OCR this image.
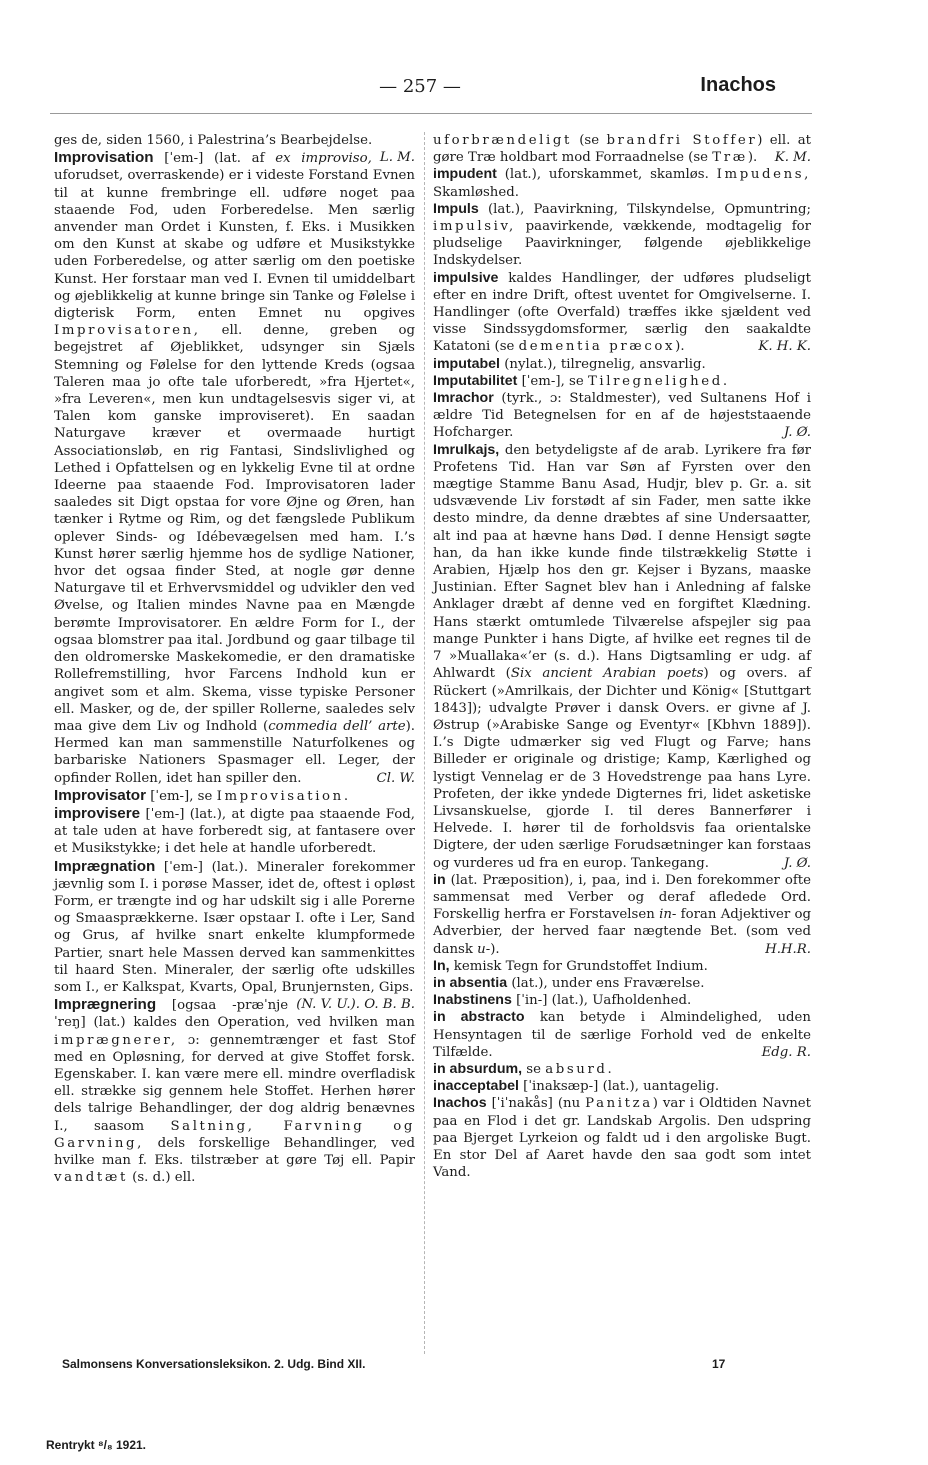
— 257 —	Inachos

ges de, siden 1560, i Palestrina’s Bearbejdelse.
L. M.

Improvisation [ˈem-] (lat. af ex improviso, uforudset, overraskende) er i videste Forstand Evnen til at kunne frembringe ell. udføre noget paa staaende Fod, uden Forberedelse. Men særlig anvender man Ordet i Kunsten, f. Eks. i Musikken om den Kunst at skabe og udføre et Musikstykke uden Forberedelse, og atter særlig om den poetiske Kunst. Her forstaar man ved I. Evnen til umiddelbart og øjeblikkelig at kunne bringe sin Tanke og Følelse i digterisk Form, enten Emnet nu opgives Improvisatoren, ell. denne, greben og begejstret af Øjeblikket, udsynger sin Sjæls Stemning og Følelse for den lyttende Kreds (ogsaa Taleren maa jo ofte tale uforberedt, »fra Hjertet«, »fra Leveren«, men kun undtagelsesvis siger vi, at Talen kom ganske improviseret). En saadan Naturgave kræver et overmaade hurtigt Associationsløb, en rig Fantasi, Sindslivlighed og Lethed i Opfattelsen og en lykkelig Evne til at ordne Ideerne paa staaende Fod. Improvisatoren lader saaledes sit Digt opstaa for vore Øjne og Øren, han tænker i Rytme og Rim, og det fængslede Publikum oplever Sinds- og Idébevægelsen med ham. I.’s Kunst hører særlig hjemme hos de sydlige Nationer, hvor det ogsaa finder Sted, at nogle gør denne Naturgave til et Erhvervsmiddel og udvikler den ved Øvelse, og Italien mindes Navne paa en Mængde berømte Improvisatorer. En ældre Form for I., der ogsaa blomstrer paa ital. Jordbund og gaar tilbage til den oldromerske Maskekomedie, er den dramatiske Rollefremstilling, hvor Farcens Indhold kun er angivet som et alm. Skema, visse typiske Personer ell. Masker, og de, der spiller Rollerne, saaledes selv maa give dem Liv og Indhold (commedia dell’ arte). Hermed kan man sammenstille Naturfolkenes og barbariske Nationers Spasmager ell. Leger, der opfinder Rollen, idet han spiller den.	Cl. W.

Improvisator [ˈem-], se Improvisation.

improvisere [ˈem-] (lat.), at digte paa staaende Fod, at tale uden at have forberedt sig, at fantasere over et Musikstykke; i det hele at handle uforberedt.

Imprægnation [ˈem-] (lat.). Mineraler forekommer jævnlig som I. i porøse Masser, idet de, oftest i opløst Form, er trængte ind og har udskilt sig i alle Porerne og Smaasprækkerne. Især opstaar I. ofte i Ler, Sand og Grus, af hvilke snart enkelte klumpformede Partier, snart hele Massen derved kan sammenkittes til haard Sten. Mineraler, der særlig ofte udskilles som I., er Kalkspat, Kvarts, Opal, Brunjernsten, Gips.
(N. V. U.). O. B. B.

Imprægnering [ogsaa -præˈnjeˈreŋ] (lat.) kaldes den Operation, ved hvilken man imprægnerer, ɔ: gennemtrænger et fast Stof med en Opløsning, for derved at give Stoffet forsk. Egenskaber. I. kan være mere ell. mindre overfladisk ell. strække sig gennem hele Stoffet. Herhen hører dels talrige Behandlinger, der dog aldrig benævnes I., saasom Saltning, Farvning og Garvning, dels forskellige Behandlinger, ved hvilke man f. Eks. tilstræber at gøre Tøj ell. Papir vandtæt (s. d.) ell.

uforbrændeligt (se brandfri Stoffer) ell. at gøre Træ holdbart mod Forraadnelse (se Træ).	K. M.

impudent (lat.), uforskammet, skamløs. Impudens, Skamløshed.

Impuls (lat.), Paavirkning, Tilskyndelse, Opmuntring; impulsiv, paavirkende, vækkende, modtagelig for pludselige Paavirkninger, følgende øjeblikkelige Indskydelser.

impulsive kaldes Handlinger, der udføres pludseligt efter en indre Drift, oftest uventet for Omgivelserne. I. Handlinger (ofte Overfald) træffes ikke sjældent ved visse Sindssygdomsformer, særlig den saakaldte Katatoni (se dementia præcox).	K. H. K.

imputabel (nylat.), tilregnelig, ansvarlig.

Imputabilitet [ˈem-], se Tilregnelighed.

Imrachor (tyrk., ɔ: Staldmester), ved Sultanens Hof i ældre Tid Betegnelsen for en af de højeststaaende Hofcharger.	J. Ø.

Imrulkajs, den betydeligste af de arab. Lyrikere fra før Profetens Tid. Han var Søn af Fyrsten over den mægtige Stamme Banu Asad, Hudjr, blev p. Gr. a. sit udsvævende Liv forstødt af sin Fader, men satte ikke desto mindre, da denne dræbtes af sine Undersaatter, alt ind paa at hævne hans Død. I denne Hensigt søgte han, da han ikke kunde finde tilstrækkelig Støtte i Arabien, Hjælp hos den gr. Kejser i Byzans, maaske Justinian. Efter Sagnet blev han i Anledning af falske Anklager dræbt af denne ved en forgiftet Klædning. Hans stærkt omtumlede Tilværelse afspejler sig paa mange Punkter i hans Digte, af hvilke eet regnes til de 7 »Muallaka«’er (s. d.). Hans Digtsamling er udg. af Ahlwardt (Six ancient Arabian poets) og overs. af Rückert (»Amrilkais, der Dichter und König« [Stuttgart 1843]); udvalgte Prøver i dansk Overs. er givne af J. Østrup (»Arabiske Sange og Eventyr« [Kbhvn 1889]). I.’s Digte udmærker sig ved Flugt og Farve; hans Billeder er originale og dristige; Kamp, Kærlighed og lystigt Vennelag er de 3 Hovedstrenge paa hans Lyre. Profeten, der ikke yndede Digternes fri, lidet asketiske Livsanskuelse, gjorde I. til deres Bannerfører i Helvede. I. hører til de forholdsvis faa orientalske Digtere, der uden særlige Forudsætninger kan forstaas og vurderes ud fra en europ. Tankegang.	J. Ø.

in (lat. Præposition), i, paa, ind i. Den forekommer ofte sammensat med Verber og deraf afledede Ord. Forskellig herfra er Forstavelsen in- foran Adjektiver og Adverbier, der herved faar nægtende Bet. (som ved dansk u-).	H.H.R.

In, kemisk Tegn for Grundstoffet Indium.

in absentia (lat.), under ens Fraværelse.

Inabstinens [ˈin-] (lat.), Uafholdenhed.

in abstracto kan betyde i Almindelighed, uden Hensyntagen til de særlige Forhold ved de enkelte Tilfælde.	Edg. R.

in absurdum, se absurd.

inacceptabel [ˈinaksæp-] (lat.), uantagelig.

Inachos [ˈiˈnakås] (nu Panitza) var i Oldtiden Navnet paa en Flod i det gr. Landskab Argolis. Den udspring paa Bjerget Lyrkeion og faldt ud i den argoliske Bugt. En stor Del af Aaret havde den saa godt som intet Vand.

Salmonsens Konversationsleksikon. 2. Udg. Bind XII.	17
Rentrykt ⁸/₈ 1921.
